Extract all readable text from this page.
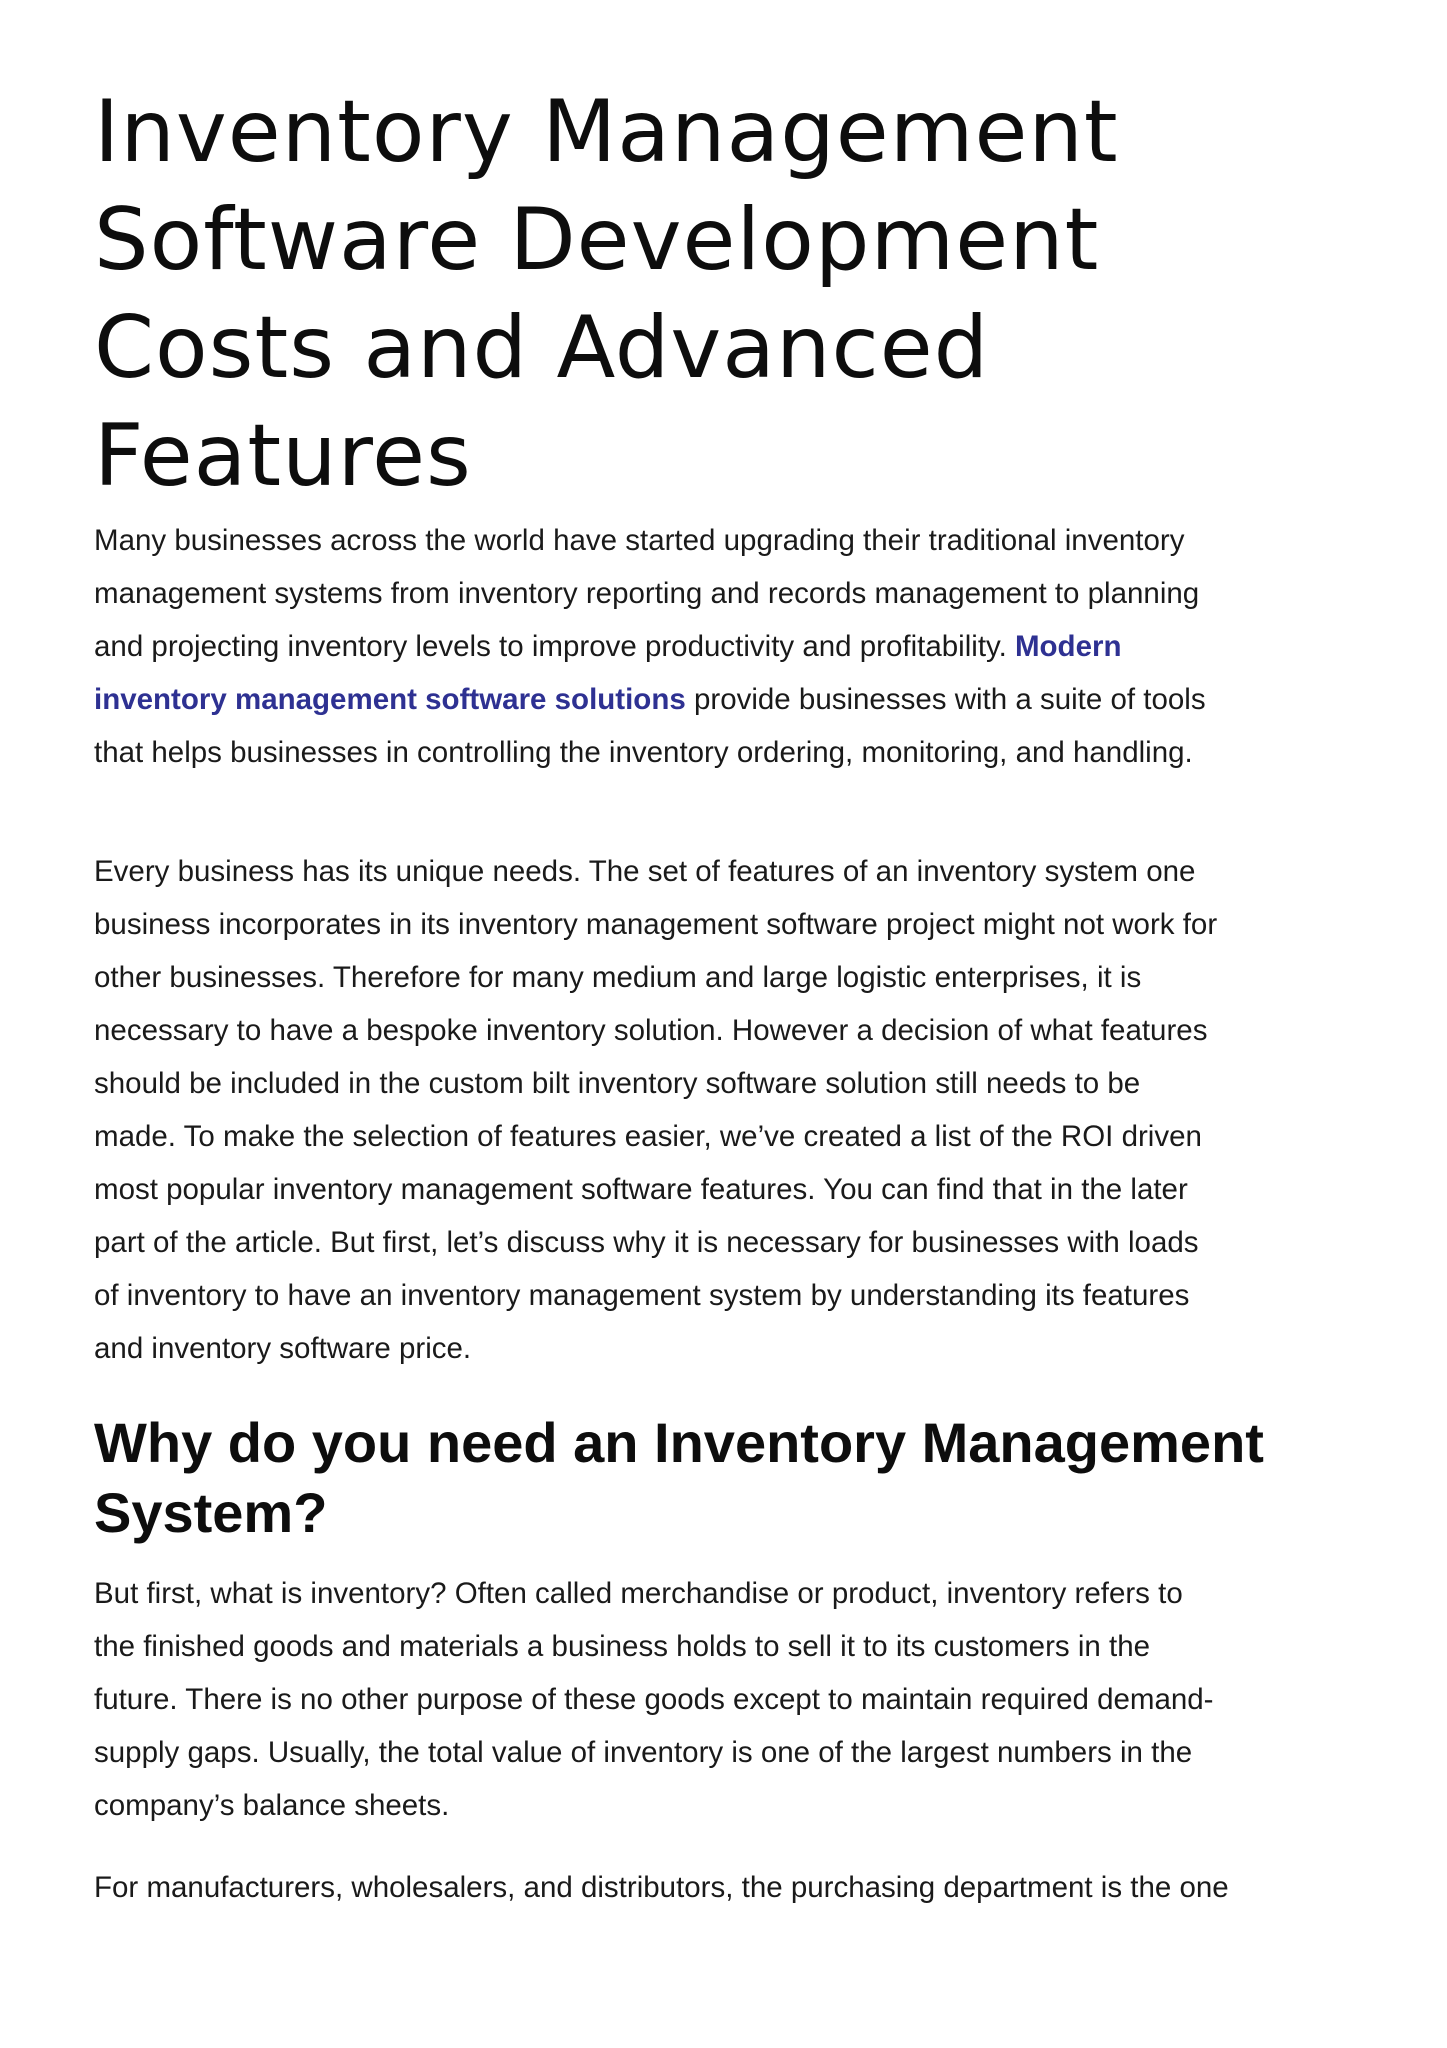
Inventory Management
Software Development
Costs and Advanced
Features

Many businesses across the world have started upgrading their traditional inventory
management systems from inventory reporting and records management to planning
and projecting inventory levels to improve productivity and profitability. Modern
inventory management software solutions provide businesses with a suite of tools
that helps businesses in controlling the inventory ordering, monitoring, and handling.

Every business has its unique needs. The set of features of an inventory system one
business incorporates in its inventory management software project might not work for
other businesses. Therefore for many medium and large logistic enterprises, it is
necessary to have a bespoke inventory solution. However a decision of what features
should be included in the custom bilt inventory software solution still needs to be
made. To make the selection of features easier, we’ve created a list of the ROI driven
most popular inventory management software features. You can find that in the later
part of the article. But first, let’s discuss why it is necessary for businesses with loads
of inventory to have an inventory management system by understanding its features
and inventory software price.

Why do you need an Inventory Management
System?

But first, what is inventory? Often called merchandise or product, inventory refers to
the finished goods and materials a business holds to sell it to its customers in the
future. There is no other purpose of these goods except to maintain required demand-
supply gaps. Usually, the total value of inventory is one of the largest numbers in the
company’s balance sheets.

For manufacturers, wholesalers, and distributors, the purchasing department is the one
